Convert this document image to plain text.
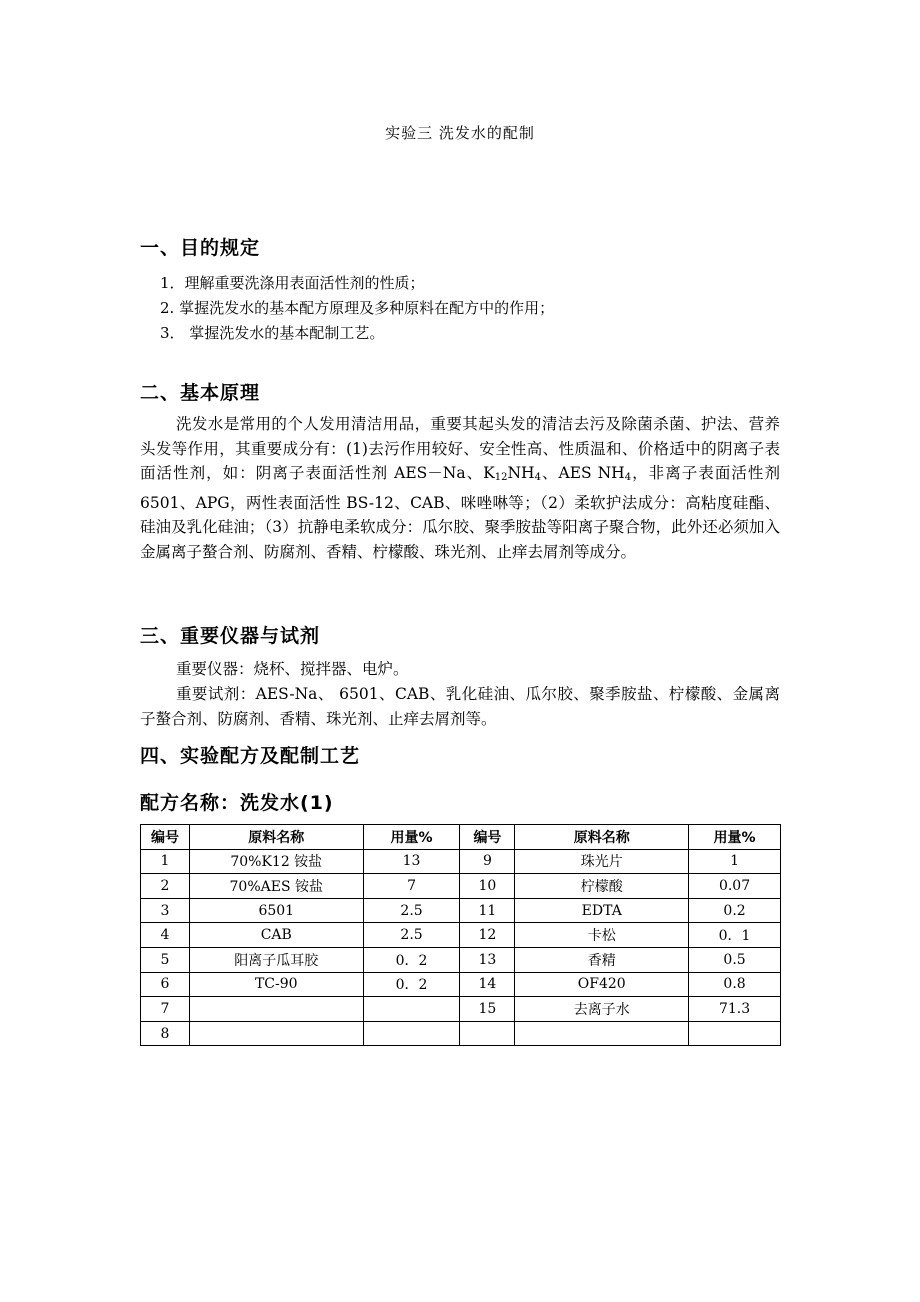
实验三 洗发水的配制
一、目的规定
1．理解重要洗涤用表面活性剂的性质；
2. 掌握洗发水的基本配方原理及多种原料在配方中的作用；
3． 掌握洗发水的基本配制工艺。
二、基本原理

洗发水是常用的个人发用清洁用品，重要其起头发的清洁去污及除菌杀菌、护法、营养头发等作用，其重要成分有：(1)去污作用较好、安全性高、性质温和、价格适中的阴离子表面活性剂，如：阴离子表面活性剂 AES－Na、$K_{12}NH_4$、AES $NH_4$，非离子表面活性剂 6501、APG，两性表面活性 BS-12、CAB、咪唑啉等；（2）柔软护法成分：高粘度硅酯、硅油及乳化硅油；（3）抗静电柔软成分：瓜尔胶、聚季胺盐等阳离子聚合物，此外还必须加入金属离子螯合剂、防腐剂、香精、柠檬酸、珠光剂、止痒去屑剂等成分。

三、重要仪器与试剂

重要仪器：烧杯、搅拌器、电炉。

重要试剂：AES-Na、 6501、CAB、乳化硅油、瓜尔胶、聚季胺盐、柠檬酸、金属离子螯合剂、防腐剂、香精、珠光剂、止痒去屑剂等。

四、实验配方及配制工艺
配方名称：洗发水(1)
编号	原料名称	用量%	编号	原料名称	用量%
1	70%K12 铵盐	13	9	珠光片	1
2	70%AES 铵盐	7	10	柠檬酸	0.07
3	6501	2.5	11	EDTA	0.2
4	CAB	2.5	12	卡松	0．1
5	阳离子瓜耳胶	0．2	13	香精	0.5
6	TC-90	0．2	14	OF420	0.8
7			15	去离子水	71.3
8					
